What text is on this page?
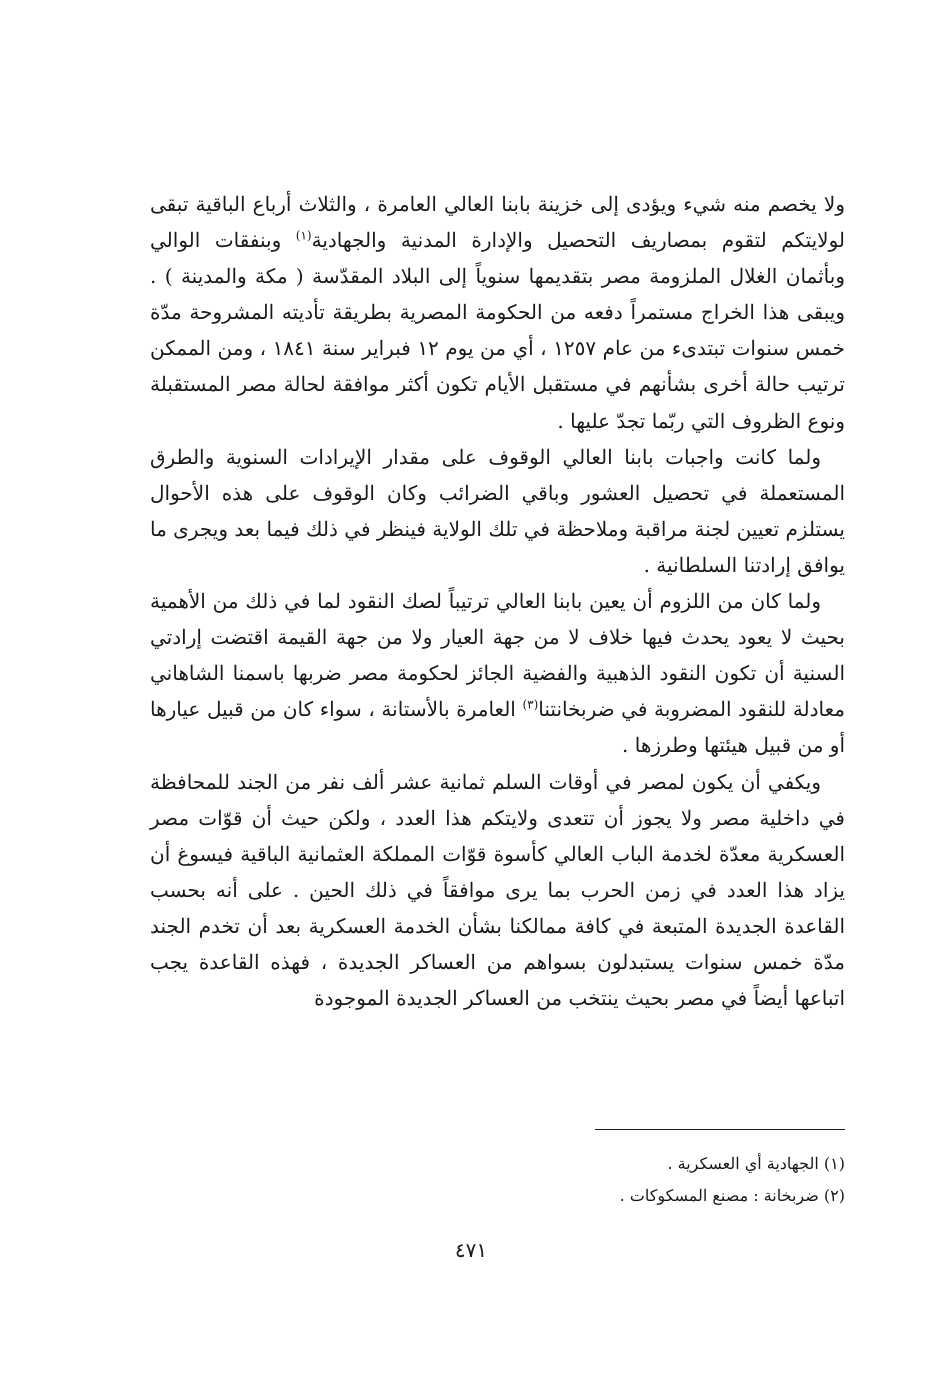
ولا يخصم منه شيء ويؤدى إلى خزينة بابنا العالي العامرة ، والثلاث أرباع الباقية تبقى لولايتكم لتقوم بمصاريف التحصيل والإدارة المدنية والجهادية$^{(١)}$ وبنفقات الوالي وبأثمان الغلال الملزومة مصر بتقديمها سنوياً إلى البلاد المقدّسة ( مكة والمدينة ) . ويبقى هذا الخراج مستمراً دفعه من الحكومة المصرية بطريقة تأديته المشروحة مدّة خمس سنوات تبتدىء من عام ١٢٥٧ ، أي من يوم ١٢ فبراير سنة ١٨٤١ ، ومن الممكن ترتيب حالة أخرى بشأنهم في مستقبل الأيام تكون أكثر موافقة لحالة مصر المستقبلة ونوع الظروف التي ربّما تجدّ عليها .

ولما كانت واجبات بابنا العالي الوقوف على مقدار الإيرادات السنوية والطرق المستعملة في تحصيل العشور وباقي الضرائب وكان الوقوف على هذه الأحوال يستلزم تعيين لجنة مراقبة وملاحظة في تلك الولاية فينظر في ذلك فيما بعد ويجرى ما يوافق إرادتنا السلطانية .

ولما كان من اللزوم أن يعين بابنا العالي ترتيباً لصك النقود لما في ذلك من الأهمية بحيث لا يعود يحدث فيها خلاف لا من جهة العيار ولا من جهة القيمة اقتضت إرادتي السنية أن تكون النقود الذهبية والفضية الجائز لحكومة مصر ضربها باسمنا الشاهاني معادلة للنقود المضروبة في ضربخانتنا$^{(٣)}$ العامرة بالأستانة ، سواء كان من قبيل عيارها أو من قبيل هيئتها وطرزها .

ويكفي أن يكون لمصر في أوقات السلم ثمانية عشر ألف نفر من الجند للمحافظة في داخلية مصر ولا يجوز أن تتعدى ولايتكم هذا العدد ، ولكن حيث أن قوّات مصر العسكرية معدّة لخدمة الباب العالي كأسوة قوّات المملكة العثمانية الباقية فيسوغ أن يزاد هذا العدد في زمن الحرب بما يرى موافقاً في ذلك الحين . على أنه بحسب القاعدة الجديدة المتبعة في كافة ممالكنا بشأن الخدمة العسكرية بعد أن تخدم الجند مدّة خمس سنوات يستبدلون بسواهم من العساكر الجديدة ، فهذه القاعدة يجب اتباعها أيضاً في مصر بحيث ينتخب من العساكر الجديدة الموجودة

(١) الجهادية أي العسكرية .

(٢) ضربخانة : مصنع المسكوكات .

٤٧١
